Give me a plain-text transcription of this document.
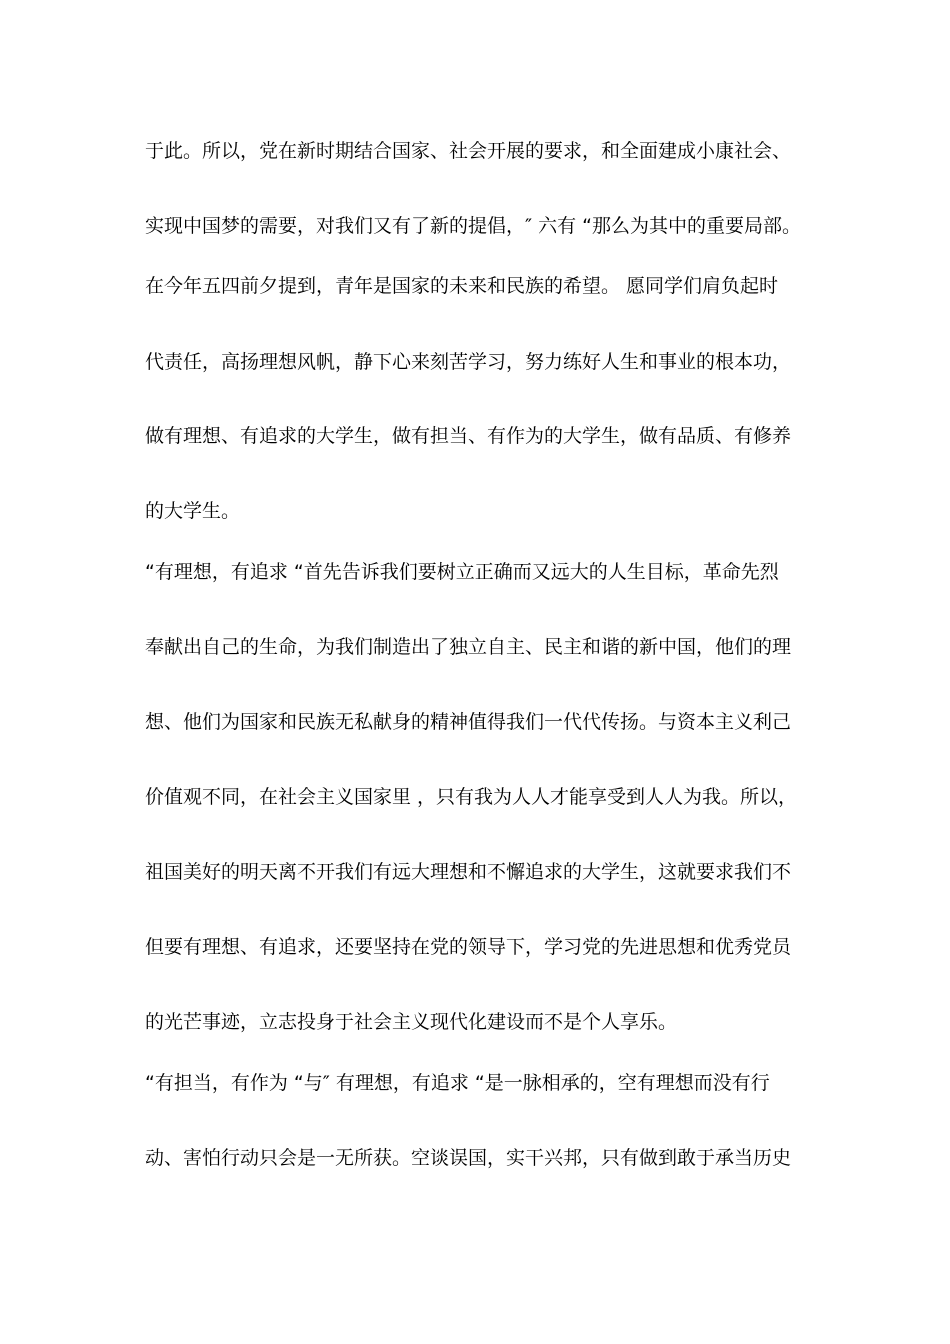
于此。所以，党在新时期结合国家、社会开展的要求，和全面建成小康社会、
实现中国梦的需要，对我们又有了新的提倡，″ 六有 “那么为其中的重要局部。
在今年五四前夕提到，青年是国家的未来和民族的希望。 愿同学们肩负起时
代责任，高扬理想风帆，静下心来刻苦学习，努力练好人生和事业的根本功，
做有理想、有追求的大学生，做有担当、有作为的大学生，做有品质、有修养
的大学生。
“有理想，有追求 “首先告诉我们要树立正确而又远大的人生目标，革命先烈
奉献出自己的生命，为我们制造出了独立自主、民主和谐的新中国，他们的理
想、他们为国家和民族无私献身的精神值得我们一代代传扬。与资本主义利己
价值观不同，在社会主义国家里 ，只有我为人人才能享受到人人为我。所以，
祖国美好的明天离不开我们有远大理想和不懈追求的大学生，这就要求我们不
但要有理想、有追求，还要坚持在党的领导下，学习党的先进思想和优秀党员
的光芒事迹，立志投身于社会主义现代化建设而不是个人享乐。
“有担当，有作为 “与″ 有理想，有追求 “是一脉相承的，空有理想而没有行
动、害怕行动只会是一无所获。空谈误国，实干兴邦，只有做到敢于承当历史
